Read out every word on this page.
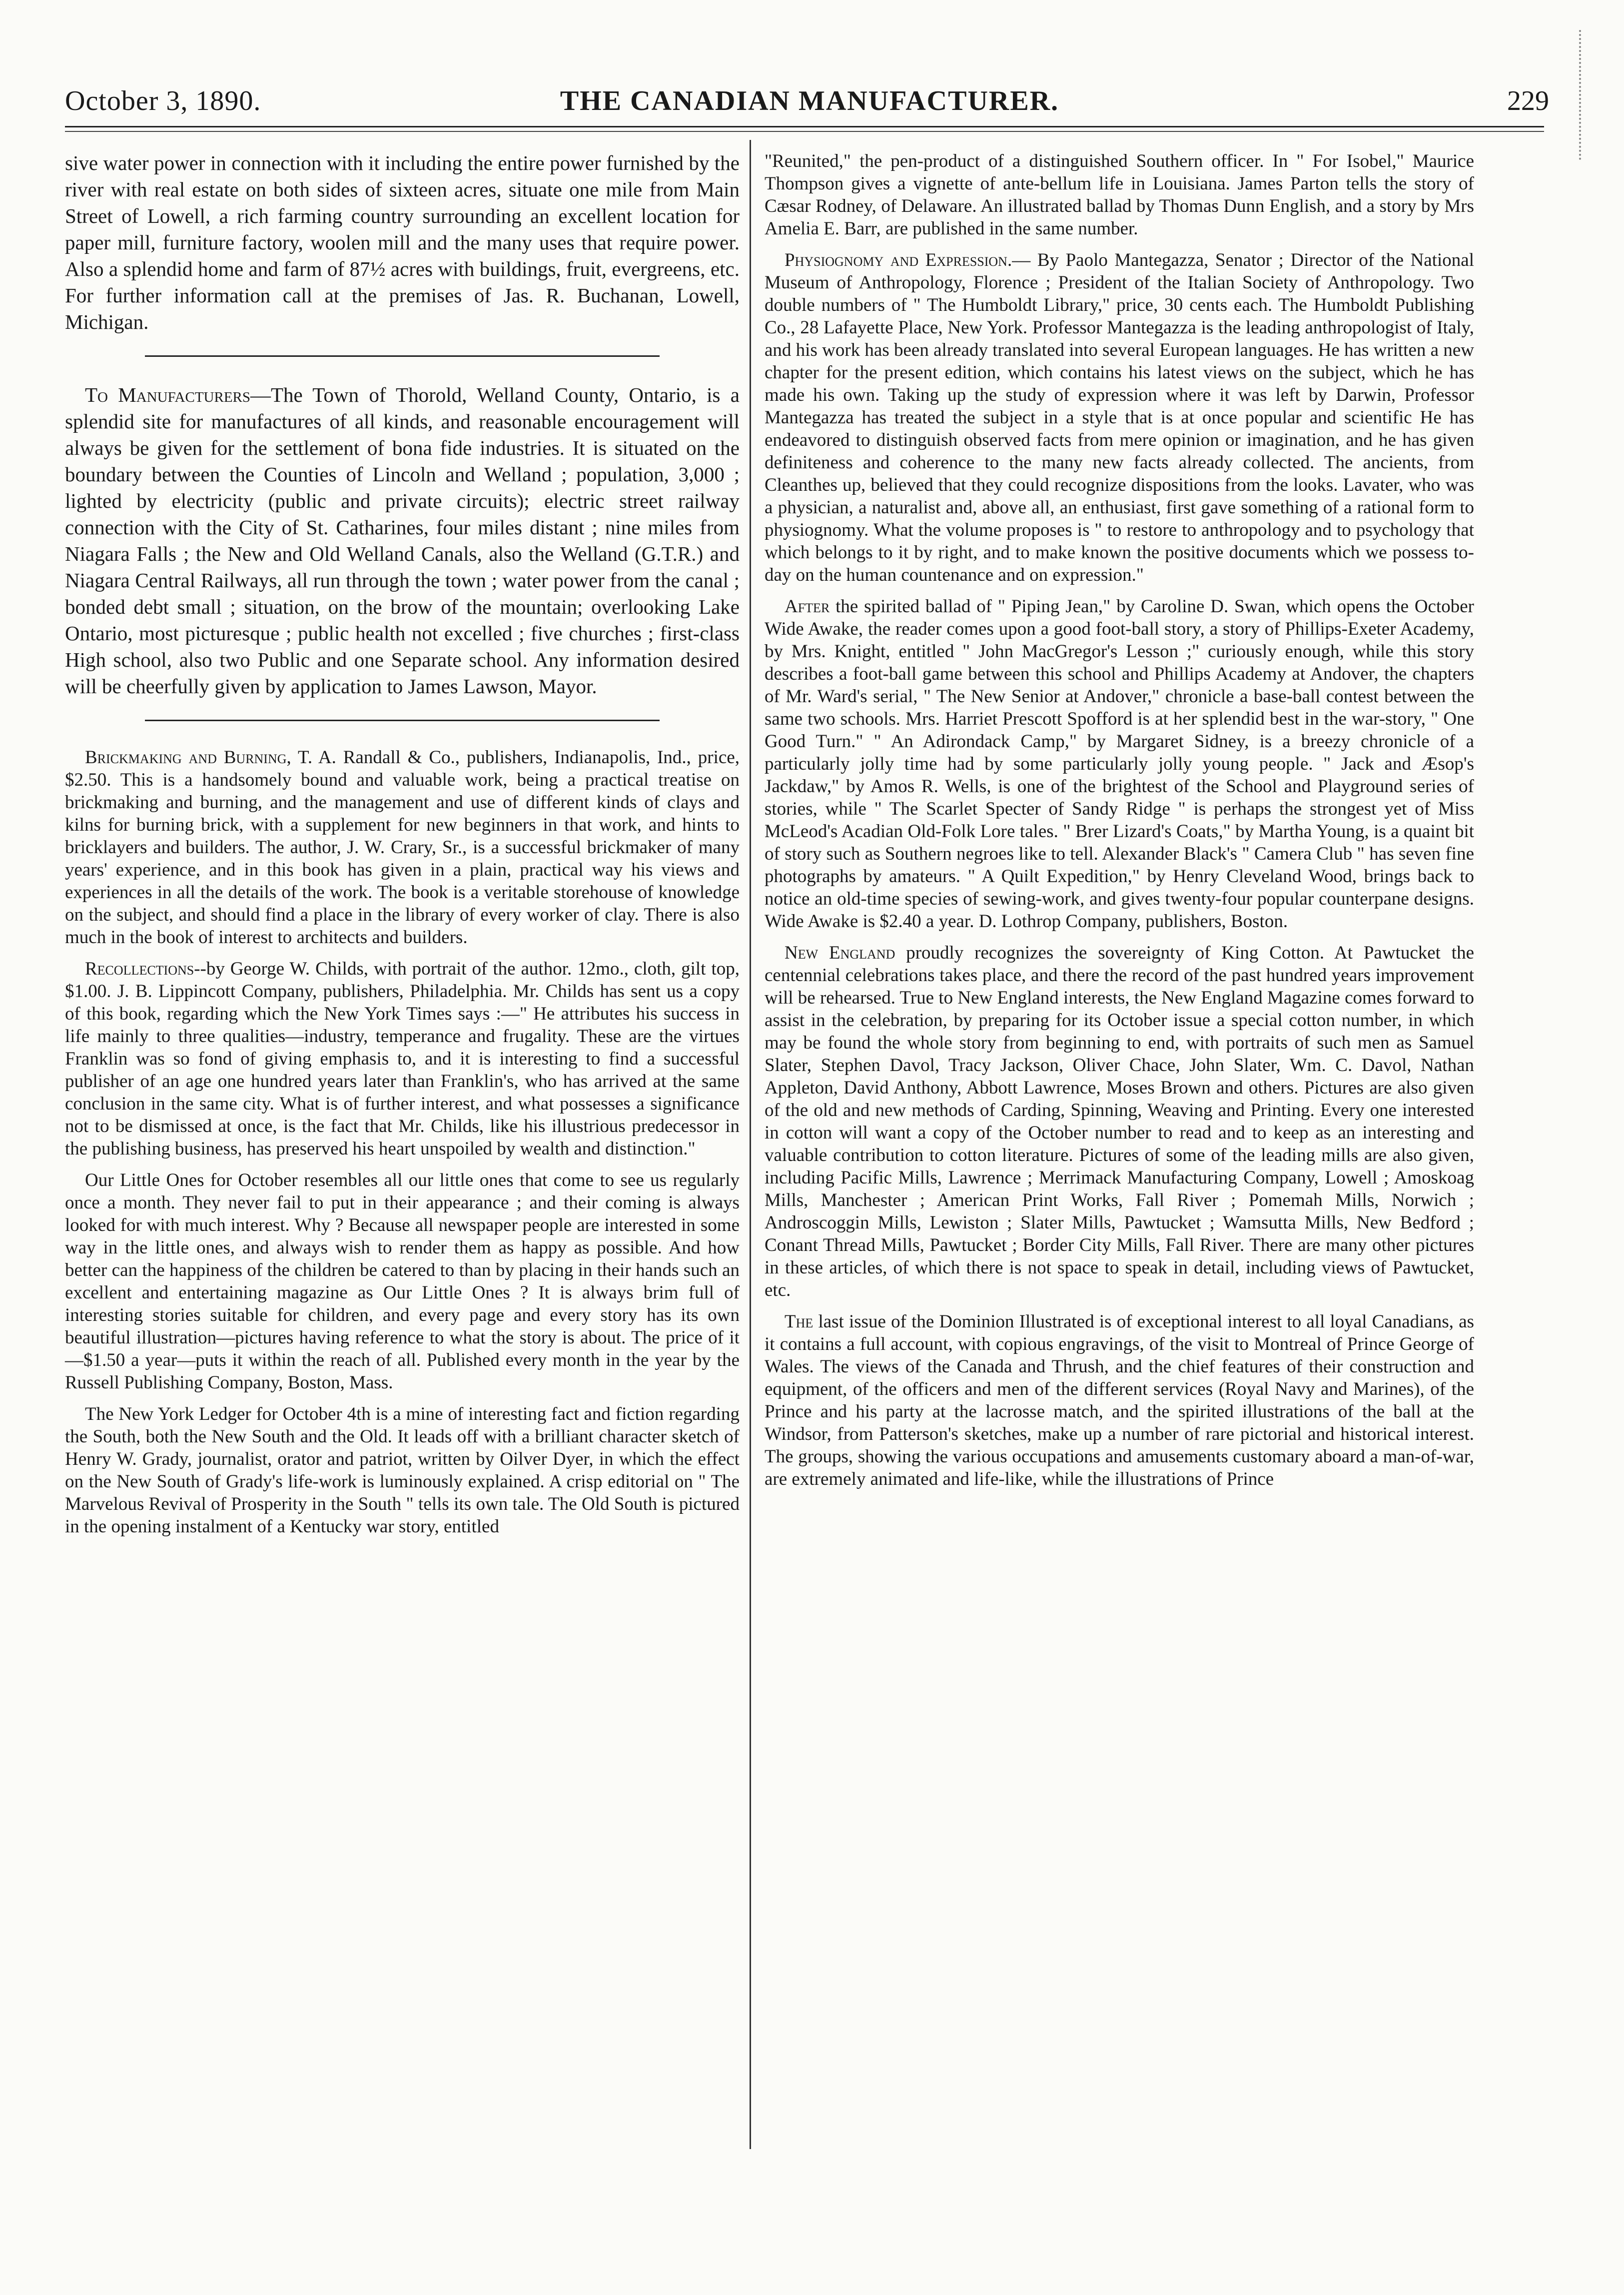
October 3, 1890.	THE CANADIAN MANUFACTURER.	229

sive water power in connection with it including the entire power furnished by the river with real estate on both sides of sixteen acres, situate one mile from Main Street of Lowell, a rich farming country surrounding an excellent location for paper mill, furniture factory, woolen mill and the many uses that require power. Also a splendid home and farm of 87½ acres with buildings, fruit, evergreens, etc. For further information call at the premises of Jas. R. Buchanan, Lowell, Michigan.

To Manufacturers—The Town of Thorold, Welland County, Ontario, is a splendid site for manufactures of all kinds, and reasonable encouragement will always be given for the settlement of bona fide industries. It is situated on the boundary between the Counties of Lincoln and Welland ; population, 3,000 ; lighted by electricity (public and private circuits); electric street railway connection with the City of St. Catharines, four miles distant ; nine miles from Niagara Falls ; the New and Old Welland Canals, also the Welland (G.T.R.) and Niagara Central Railways, all run through the town ; water power from the canal ; bonded debt small ; situation, on the brow of the mountain; overlooking Lake Ontario, most picturesque ; public health not excelled ; five churches ; first-class High school, also two Public and one Separate school. Any information desired will be cheerfully given by application to James Lawson, Mayor.

Brickmaking and Burning, T. A. Randall & Co., publishers, Indianapolis, Ind., price, $2.50. This is a handsomely bound and valuable work, being a practical treatise on brickmaking and burning, and the management and use of different kinds of clays and kilns for burning brick, with a supplement for new beginners in that work, and hints to bricklayers and builders. The author, J. W. Crary, Sr., is a successful brickmaker of many years' experience, and in this book has given in a plain, practical way his views and experiences in all the details of the work. The book is a veritable storehouse of knowledge on the subject, and should find a place in the library of every worker of clay. There is also much in the book of interest to architects and builders.

Recollections--by George W. Childs, with portrait of the author. 12mo., cloth, gilt top, $1.00. J. B. Lippincott Company, publishers, Philadelphia. Mr. Childs has sent us a copy of this book, regarding which the New York Times says :—" He attributes his success in life mainly to three qualities—industry, temperance and frugality. These are the virtues Franklin was so fond of giving emphasis to, and it is interesting to find a successful publisher of an age one hundred years later than Franklin's, who has arrived at the same conclusion in the same city. What is of further interest, and what possesses a significance not to be dismissed at once, is the fact that Mr. Childs, like his illustrious predecessor in the publishing business, has preserved his heart unspoiled by wealth and distinction."

Our Little Ones for October resembles all our little ones that come to see us regularly once a month. They never fail to put in their appearance ; and their coming is always looked for with much interest. Why ? Because all newspaper people are interested in some way in the little ones, and always wish to render them as happy as possible. And how better can the happiness of the children be catered to than by placing in their hands such an excellent and entertaining magazine as Our Little Ones ? It is always brim full of interesting stories suitable for children, and every page and every story has its own beautiful illustration—pictures having reference to what the story is about. The price of it—$1.50 a year—puts it within the reach of all. Published every month in the year by the Russell Publishing Company, Boston, Mass.

The New York Ledger for October 4th is a mine of interesting fact and fiction regarding the South, both the New South and the Old. It leads off with a brilliant character sketch of Henry W. Grady, journalist, orator and patriot, written by Oilver Dyer, in which the effect on the New South of Grady's life-work is luminously explained. A crisp editorial on " The Marvelous Revival of Prosperity in the South " tells its own tale. The Old South is pictured in the opening instalment of a Kentucky war story, entitled

"Reunited," the pen-product of a distinguished Southern officer. In " For Isobel," Maurice Thompson gives a vignette of ante-bellum life in Louisiana. James Parton tells the story of Cæsar Rodney, of Delaware. An illustrated ballad by Thomas Dunn English, and a story by Mrs Amelia E. Barr, are published in the same number.

Physiognomy and Expression.— By Paolo Mantegazza, Senator ; Director of the National Museum of Anthropology, Florence ; President of the Italian Society of Anthropology. Two double numbers of " The Humboldt Library," price, 30 cents each. The Humboldt Publishing Co., 28 Lafayette Place, New York. Professor Mantegazza is the leading anthropologist of Italy, and his work has been already translated into several European languages. He has written a new chapter for the present edition, which contains his latest views on the subject, which he has made his own. Taking up the study of expression where it was left by Darwin, Professor Mantegazza has treated the subject in a style that is at once popular and scientific He has endeavored to distinguish observed facts from mere opinion or imagination, and he has given definiteness and coherence to the many new facts already collected. The ancients, from Cleanthes up, believed that they could recognize dispositions from the looks. Lavater, who was a physician, a naturalist and, above all, an enthusiast, first gave something of a rational form to physiognomy. What the volume proposes is " to restore to anthropology and to psychology that which belongs to it by right, and to make known the positive documents which we possess to-day on the human countenance and on expression."

After the spirited ballad of " Piping Jean," by Caroline D. Swan, which opens the October Wide Awake, the reader comes upon a good foot-ball story, a story of Phillips-Exeter Academy, by Mrs. Knight, entitled " John MacGregor's Lesson ;" curiously enough, while this story describes a foot-ball game between this school and Phillips Academy at Andover, the chapters of Mr. Ward's serial, " The New Senior at Andover," chronicle a base-ball contest between the same two schools. Mrs. Harriet Prescott Spofford is at her splendid best in the war-story, " One Good Turn." " An Adirondack Camp," by Margaret Sidney, is a breezy chronicle of a particularly jolly time had by some particularly jolly young people. " Jack and Æsop's Jackdaw," by Amos R. Wells, is one of the brightest of the School and Playground series of stories, while " The Scarlet Specter of Sandy Ridge " is perhaps the strongest yet of Miss McLeod's Acadian Old-Folk Lore tales. " Brer Lizard's Coats," by Martha Young, is a quaint bit of story such as Southern negroes like to tell. Alexander Black's " Camera Club " has seven fine photographs by amateurs. " A Quilt Expedition," by Henry Cleveland Wood, brings back to notice an old-time species of sewing-work, and gives twenty-four popular counterpane designs. Wide Awake is $2.40 a year. D. Lothrop Company, publishers, Boston.

New England proudly recognizes the sovereignty of King Cotton. At Pawtucket the centennial celebrations takes place, and there the record of the past hundred years improvement will be rehearsed. True to New England interests, the New England Magazine comes forward to assist in the celebration, by preparing for its October issue a special cotton number, in which may be found the whole story from beginning to end, with portraits of such men as Samuel Slater, Stephen Davol, Tracy Jackson, Oliver Chace, John Slater, Wm. C. Davol, Nathan Appleton, David Anthony, Abbott Lawrence, Moses Brown and others. Pictures are also given of the old and new methods of Carding, Spinning, Weaving and Printing. Every one interested in cotton will want a copy of the October number to read and to keep as an interesting and valuable contribution to cotton literature. Pictures of some of the leading mills are also given, including Pacific Mills, Lawrence ; Merrimack Manufacturing Company, Lowell ; Amoskoag Mills, Manchester ; American Print Works, Fall River ; Pomemah Mills, Norwich ; Androscoggin Mills, Lewiston ; Slater Mills, Pawtucket ; Wamsutta Mills, New Bedford ; Conant Thread Mills, Pawtucket ; Border City Mills, Fall River. There are many other pictures in these articles, of which there is not space to speak in detail, including views of Pawtucket, etc.

The last issue of the Dominion Illustrated is of exceptional interest to all loyal Canadians, as it contains a full account, with copious engravings, of the visit to Montreal of Prince George of Wales. The views of the Canada and Thrush, and the chief features of their construction and equipment, of the officers and men of the different services (Royal Navy and Marines), of the Prince and his party at the lacrosse match, and the spirited illustrations of the ball at the Windsor, from Patterson's sketches, make up a number of rare pictorial and historical interest. The groups, showing the various occupations and amusements customary aboard a man-of-war, are extremely animated and life-like, while the illustrations of Prince
